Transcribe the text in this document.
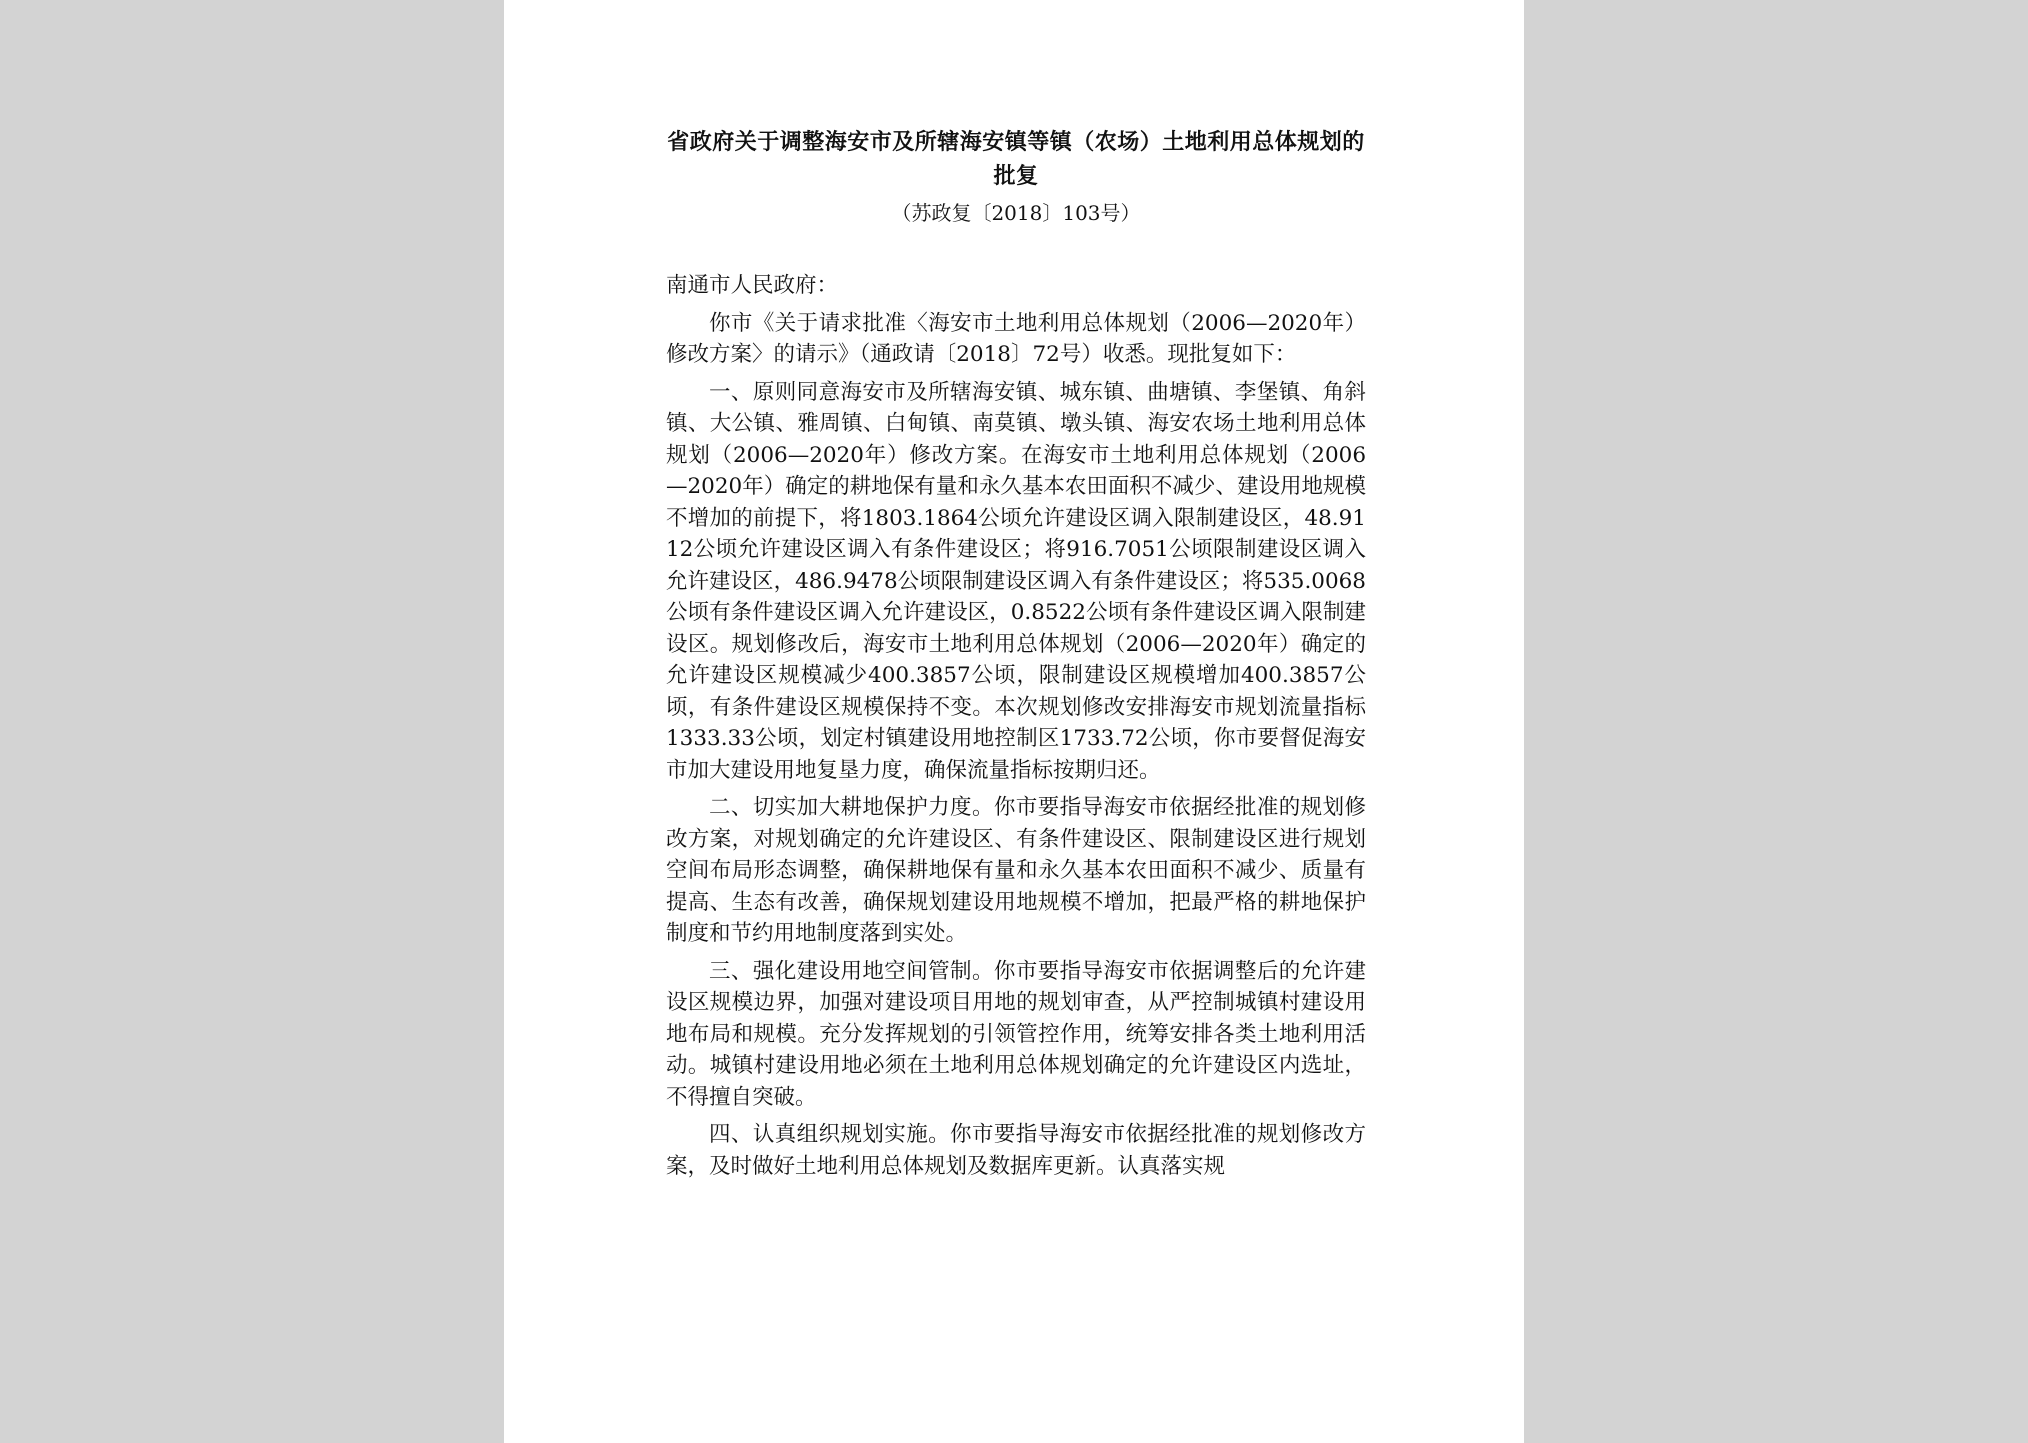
省政府关于调整海安市及所辖海安镇等镇（农场）土地利用总体规划的批复

（苏政复〔2018〕103号）

南通市人民政府：

你市《关于请求批准〈海安市土地利用总体规划（2006—2020年）修改方案〉的请示》（通政请〔2018〕72号）收悉。现批复如下：

一、原则同意海安市及所辖海安镇、城东镇、曲塘镇、李堡镇、角斜镇、大公镇、雅周镇、白甸镇、南莫镇、墩头镇、海安农场土地利用总体规划（2006—2020年）修改方案。在海安市土地利用总体规划（2006—2020年）确定的耕地保有量和永久基本农田面积不减少、建设用地规模不增加的前提下，将1803.1864公顷允许建设区调入限制建设区，48.9112公顷允许建设区调入有条件建设区；将916.7051公顷限制建设区调入允许建设区，486.9478公顷限制建设区调入有条件建设区；将535.0068公顷有条件建设区调入允许建设区，0.8522公顷有条件建设区调入限制建设区。规划修改后，海安市土地利用总体规划（2006—2020年）确定的允许建设区规模减少400.3857公顷，限制建设区规模增加400.3857公顷，有条件建设区规模保持不变。本次规划修改安排海安市规划流量指标1333.33公顷，划定村镇建设用地控制区1733.72公顷，你市要督促海安市加大建设用地复垦力度，确保流量指标按期归还。

二、切实加大耕地保护力度。你市要指导海安市依据经批准的规划修改方案，对规划确定的允许建设区、有条件建设区、限制建设区进行规划空间布局形态调整，确保耕地保有量和永久基本农田面积不减少、质量有提高、生态有改善，确保规划建设用地规模不增加，把最严格的耕地保护制度和节约用地制度落到实处。

三、强化建设用地空间管制。你市要指导海安市依据调整后的允许建设区规模边界，加强对建设项目用地的规划审查，从严控制城镇村建设用地布局和规模。充分发挥规划的引领管控作用，统筹安排各类土地利用活动。城镇村建设用地必须在土地利用总体规划确定的允许建设区内选址，不得擅自突破。

四、认真组织规划实施。你市要指导海安市依据经批准的规划修改方案，及时做好土地利用总体规划及数据库更新。认真落实规
